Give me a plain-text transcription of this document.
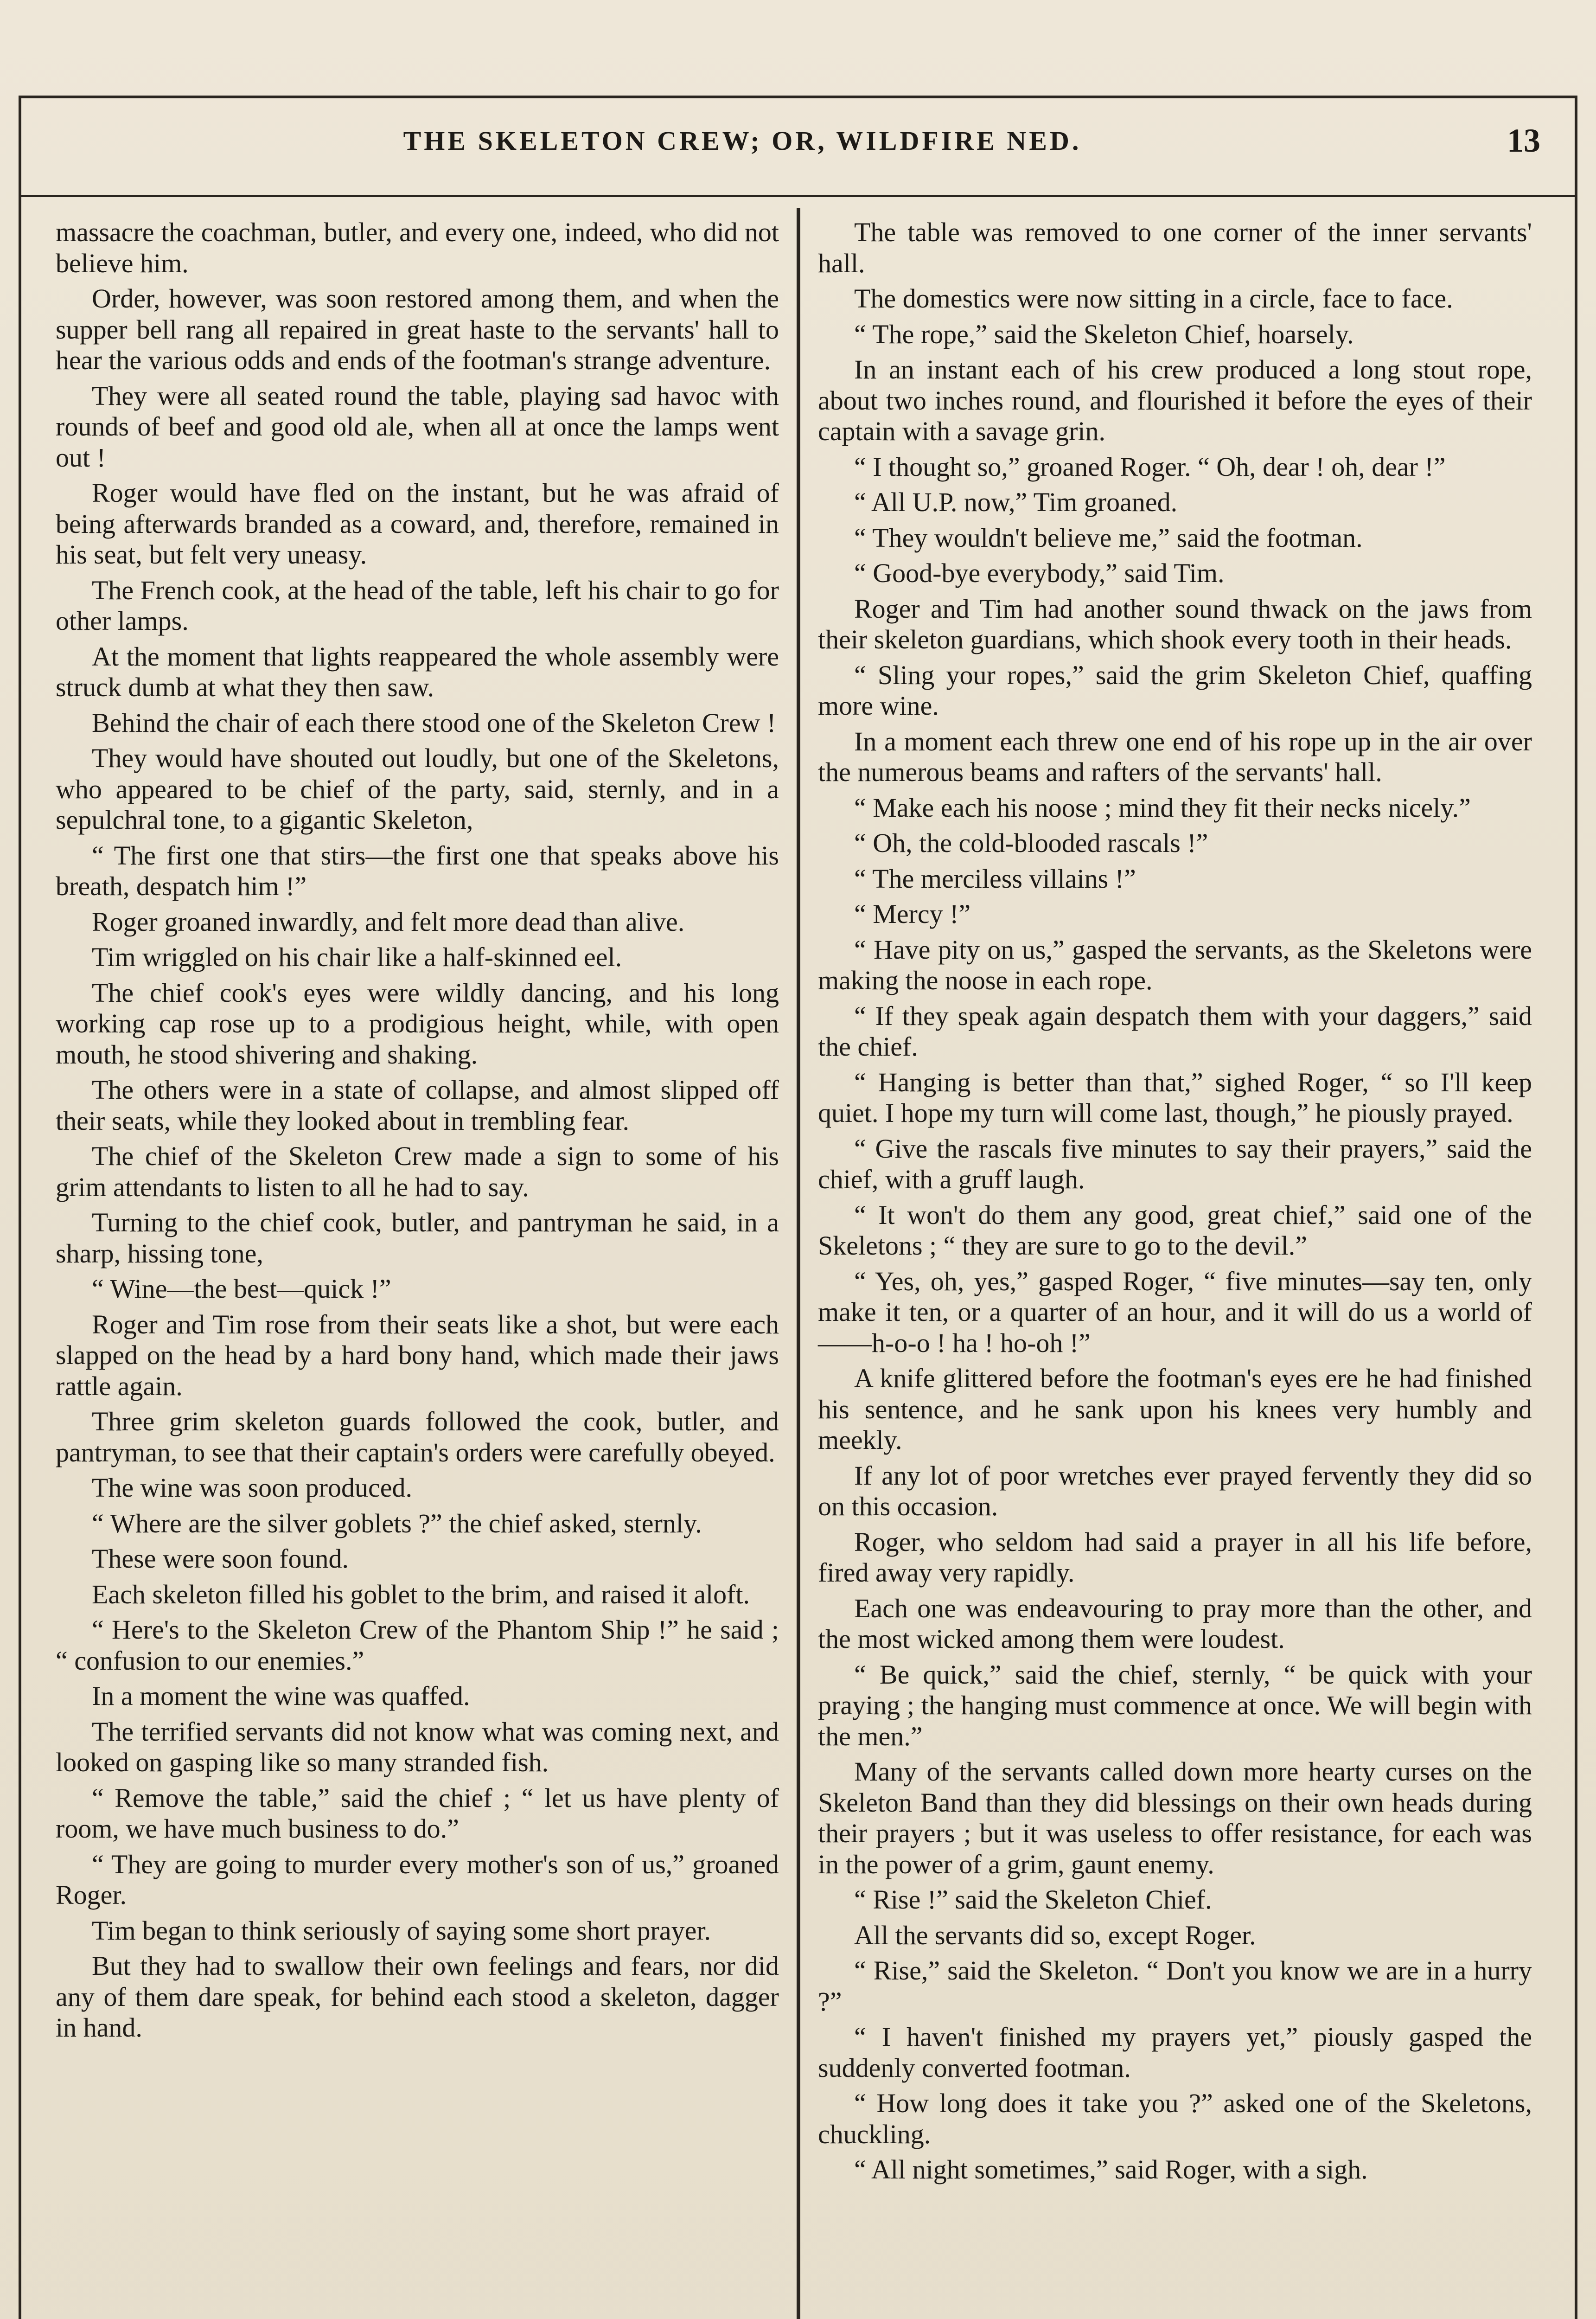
THE SKELETON CREW; OR, WILDFIRE NED.	13

massacre the coachman, butler, and every one, indeed, who did not believe him.

Order, however, was soon restored among them, and when the supper bell rang all repaired in great haste to the servants' hall to hear the various odds and ends of the footman's strange adventure.

They were all seated round the table, playing sad havoc with rounds of beef and good old ale, when all at once the lamps went out !

Roger would have fled on the instant, but he was afraid of being afterwards branded as a coward, and, therefore, remained in his seat, but felt very uneasy.

The French cook, at the head of the table, left his chair to go for other lamps.

At the moment that lights reappeared the whole assembly were struck dumb at what they then saw.

Behind the chair of each there stood one of the Skeleton Crew !

They would have shouted out loudly, but one of the Skeletons, who appeared to be chief of the party, said, sternly, and in a sepulchral tone, to a gigantic Skeleton,

“ The first one that stirs—the first one that speaks above his breath, despatch him !”

Roger groaned inwardly, and felt more dead than alive.

Tim wriggled on his chair like a half-skinned eel.

The chief cook's eyes were wildly dancing, and his long working cap rose up to a prodigious height, while, with open mouth, he stood shivering and shaking.

The others were in a state of collapse, and almost slipped off their seats, while they looked about in trembling fear.

The chief of the Skeleton Crew made a sign to some of his grim attendants to listen to all he had to say.

Turning to the chief cook, butler, and pantryman he said, in a sharp, hissing tone,

“ Wine—the best—quick !”

Roger and Tim rose from their seats like a shot, but were each slapped on the head by a hard bony hand, which made their jaws rattle again.

Three grim skeleton guards followed the cook, butler, and pantryman, to see that their captain's orders were carefully obeyed.

The wine was soon produced.

“ Where are the silver goblets ?” the chief asked, sternly.

These were soon found.

Each skeleton filled his goblet to the brim, and raised it aloft.

“ Here's to the Skeleton Crew of the Phantom Ship !” he said ; “ confusion to our enemies.”

In a moment the wine was quaffed.

The terrified servants did not know what was coming next, and looked on gasping like so many stranded fish.

“ Remove the table,” said the chief ; “ let us have plenty of room, we have much business to do.”

“ They are going to murder every mother's son of us,” groaned Roger.

Tim began to think seriously of saying some short prayer.

But they had to swallow their own feelings and fears, nor did any of them dare speak, for behind each stood a skeleton, dagger in hand.

The table was removed to one corner of the inner servants' hall.

The domestics were now sitting in a circle, face to face.

“ The rope,” said the Skeleton Chief, hoarsely.

In an instant each of his crew produced a long stout rope, about two inches round, and flourished it before the eyes of their captain with a savage grin.

“ I thought so,” groaned Roger. “ Oh, dear ! oh, dear !”

“ All U.P. now,” Tim groaned.

“ They wouldn't believe me,” said the footman.

“ Good-bye everybody,” said Tim.

Roger and Tim had another sound thwack on the jaws from their skeleton guardians, which shook every tooth in their heads.

“ Sling your ropes,” said the grim Skeleton Chief, quaffing more wine.

In a moment each threw one end of his rope up in the air over the numerous beams and rafters of the servants' hall.

“ Make each his noose ; mind they fit their necks nicely.”

“ Oh, the cold-blooded rascals !”

“ The merciless villains !”

“ Mercy !”

“ Have pity on us,” gasped the servants, as the Skeletons were making the noose in each rope.

“ If they speak again despatch them with your daggers,” said the chief.

“ Hanging is better than that,” sighed Roger, “ so I'll keep quiet. I hope my turn will come last, though,” he piously prayed.

“ Give the rascals five minutes to say their prayers,” said the chief, with a gruff laugh.

“ It won't do them any good, great chief,” said one of the Skeletons ; “ they are sure to go to the devil.”

“ Yes, oh, yes,” gasped Roger, “ five minutes—say ten, only make it ten, or a quarter of an hour, and it will do us a world of——h-o-o ! ha ! ho-oh !”

A knife glittered before the footman's eyes ere he had finished his sentence, and he sank upon his knees very humbly and meekly.

If any lot of poor wretches ever prayed fervently they did so on this occasion.

Roger, who seldom had said a prayer in all his life before, fired away very rapidly.

Each one was endeavouring to pray more than the other, and the most wicked among them were loudest.

“ Be quick,” said the chief, sternly, “ be quick with your praying ; the hanging must commence at once. We will begin with the men.”

Many of the servants called down more hearty curses on the Skeleton Band than they did blessings on their own heads during their prayers ; but it was useless to offer resistance, for each was in the power of a grim, gaunt enemy.

“ Rise !” said the Skeleton Chief.

All the servants did so, except Roger.

“ Rise,” said the Skeleton. “ Don't you know we are in a hurry ?”

“ I haven't finished my prayers yet,” piously gasped the suddenly converted footman.

“ How long does it take you ?” asked one of the Skeletons, chuckling.

“ All night sometimes,” said Roger, with a sigh.
